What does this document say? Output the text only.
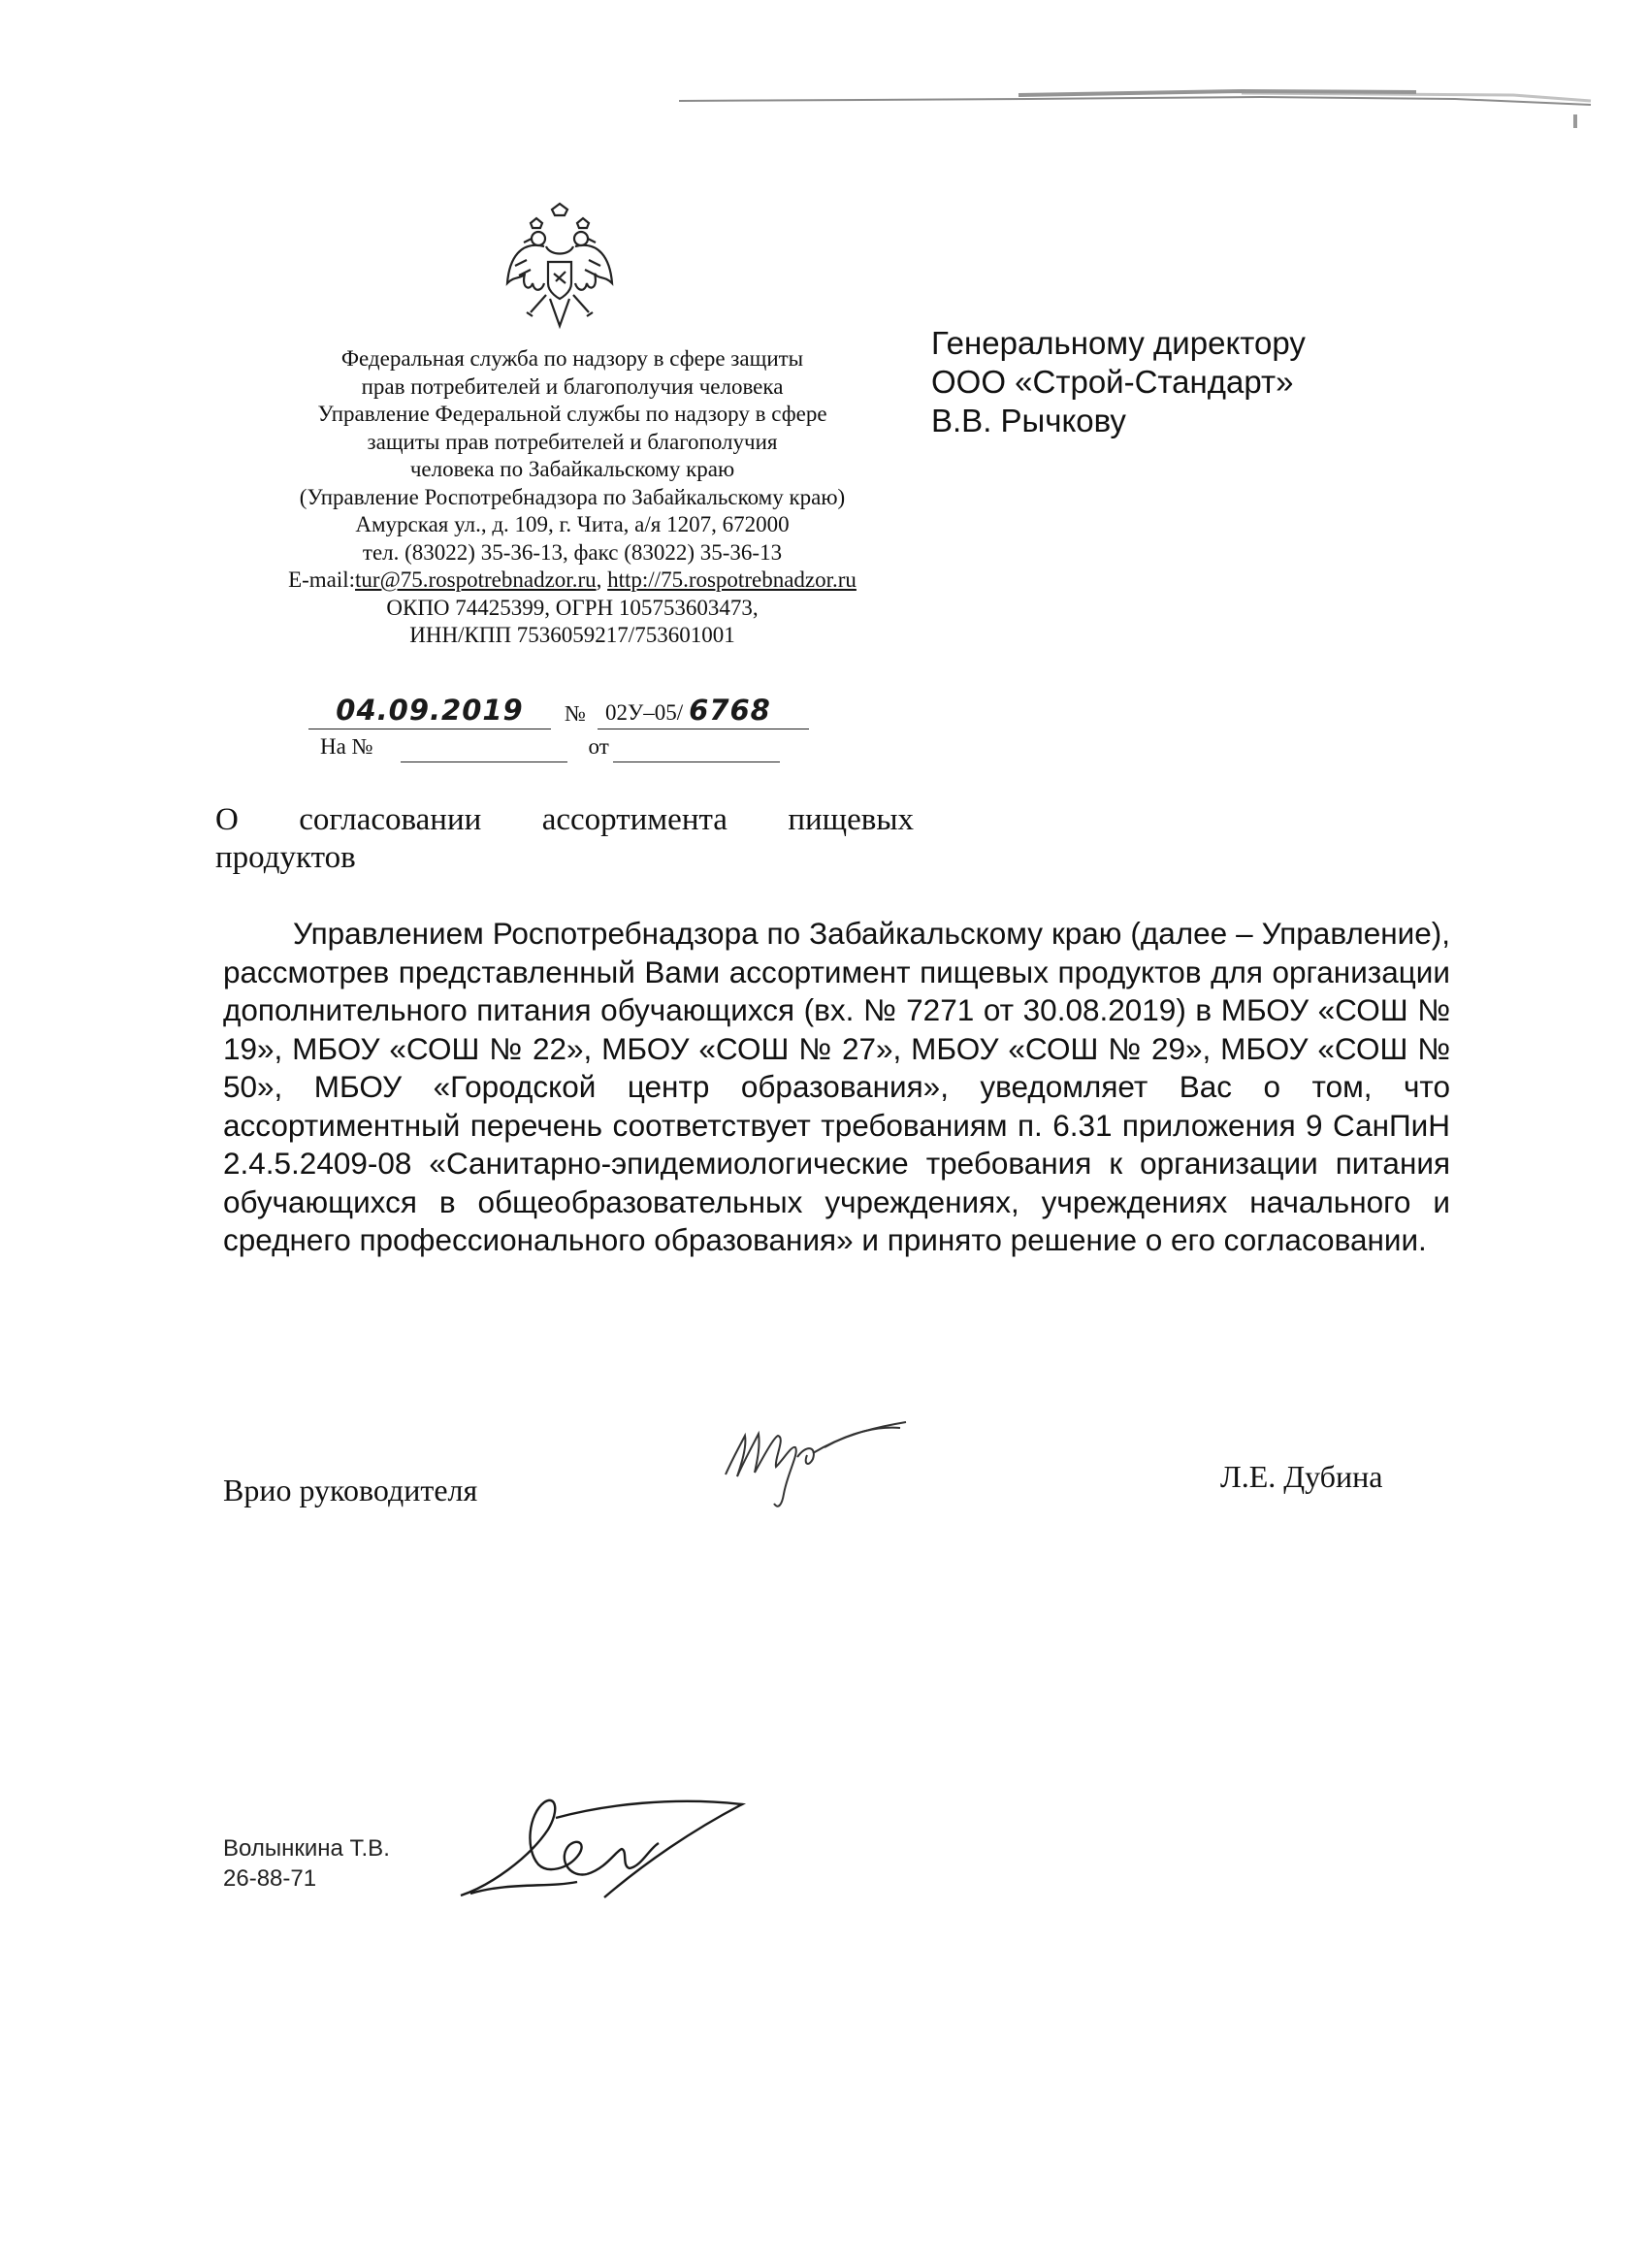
Федеральная служба по надзору в сфере защиты
прав потребителей и благополучия человека
Управление Федеральной службы по надзору в сфере
защиты прав потребителей и благополучия
человека по Забайкальскому краю
(Управление Роспотребнадзора по Забайкальскому краю)
Амурская ул., д. 109, г. Чита, а/я 1207, 672000
тел. (83022) 35-36-13, факс (83022) 35-36-13
E-mail:tur@75.rospotrebnadzor.ru, http://75.rospotrebnadzor.ru
ОКПО 74425399, ОГРН 105753603473,
ИНН/КПП 7536059217/753601001
04.09.2019	№ 02У–05/ 6768
На №	от
Генеральному директору
ООО «Строй-Стандарт»
В.В. Рычкову
О согласовании ассортимента пищевых
продуктов
Управлением Роспотребнадзора по Забайкальскому краю (далее – Управление), рассмотрев представленный Вами ассортимент пищевых продуктов для организации дополнительного питания обучающихся (вх. № 7271 от 30.08.2019) в МБОУ «СОШ № 19», МБОУ «СОШ № 22», МБОУ «СОШ № 27», МБОУ «СОШ № 29», МБОУ «СОШ № 50», МБОУ «Городской центр образования», уведомляет Вас о том, что ассортиментный перечень соответствует требованиям п. 6.31 приложения 9 СанПиН 2.4.5.2409-08 «Санитарно-эпидемиологические требования к организации питания обучающихся в общеобразовательных учреждениях, учреждениях начального и среднего профессионального образования» и принято решение о его согласовании.
Врио руководителя	Л.Е. Дубина
Волынкина Т.В.
26-88-71
